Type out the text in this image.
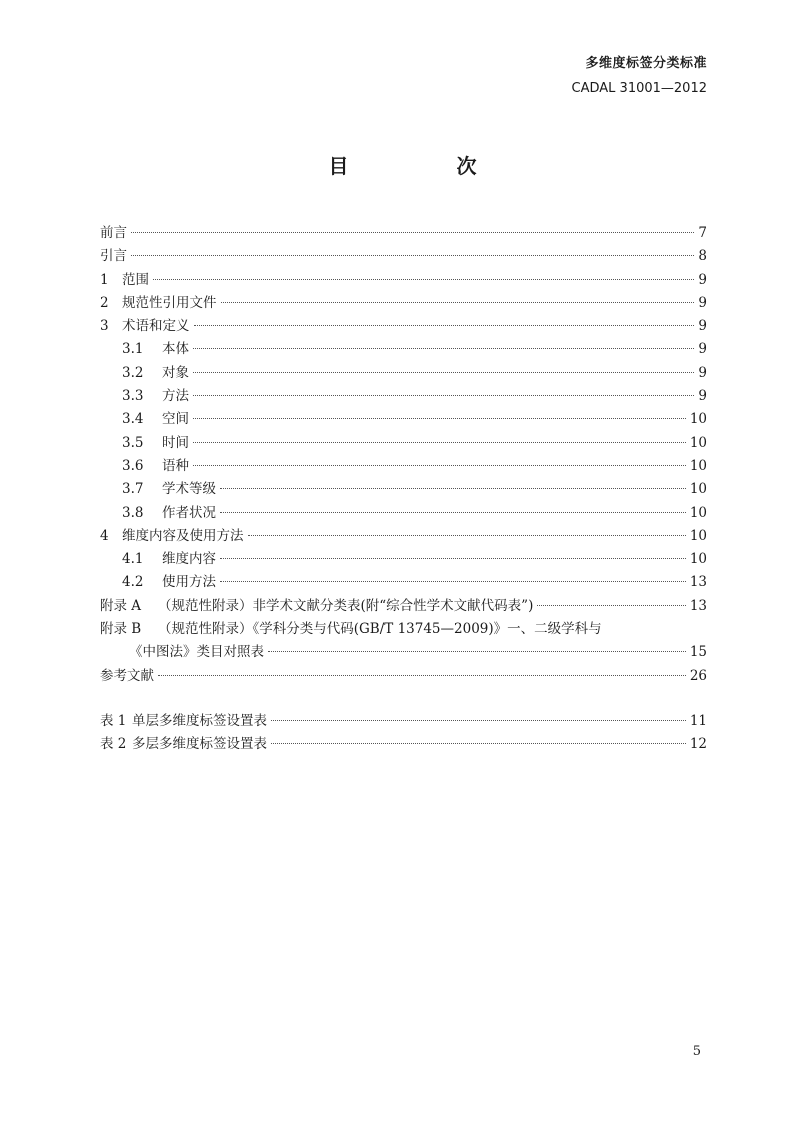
多维度标签分类标准
CADAL 31001—2012
目　次
前言	7
引言	8
1 范围	9
2 规范性引用文件	9
3 术语和定义	9
3.1 本体	9
3.2 对象	9
3.3 方法	9
3.4 空间	10
3.5 时间	10
3.6 语种	10
3.7 学术等级	10
3.8 作者状况	10
4 维度内容及使用方法	10
4.1 维度内容	10
4.2 使用方法	13
附录 A （规范性附录）非学术文献分类表(附“综合性学术文献代码表”)	13
附录 B （规范性附录）《学科分类与代码(GB/T 13745—2009)》一、二级学科与
《中图法》类目对照表	15
参考文献	26
表 1 单层多维度标签设置表	11
表 2 多层多维度标签设置表	12
5
